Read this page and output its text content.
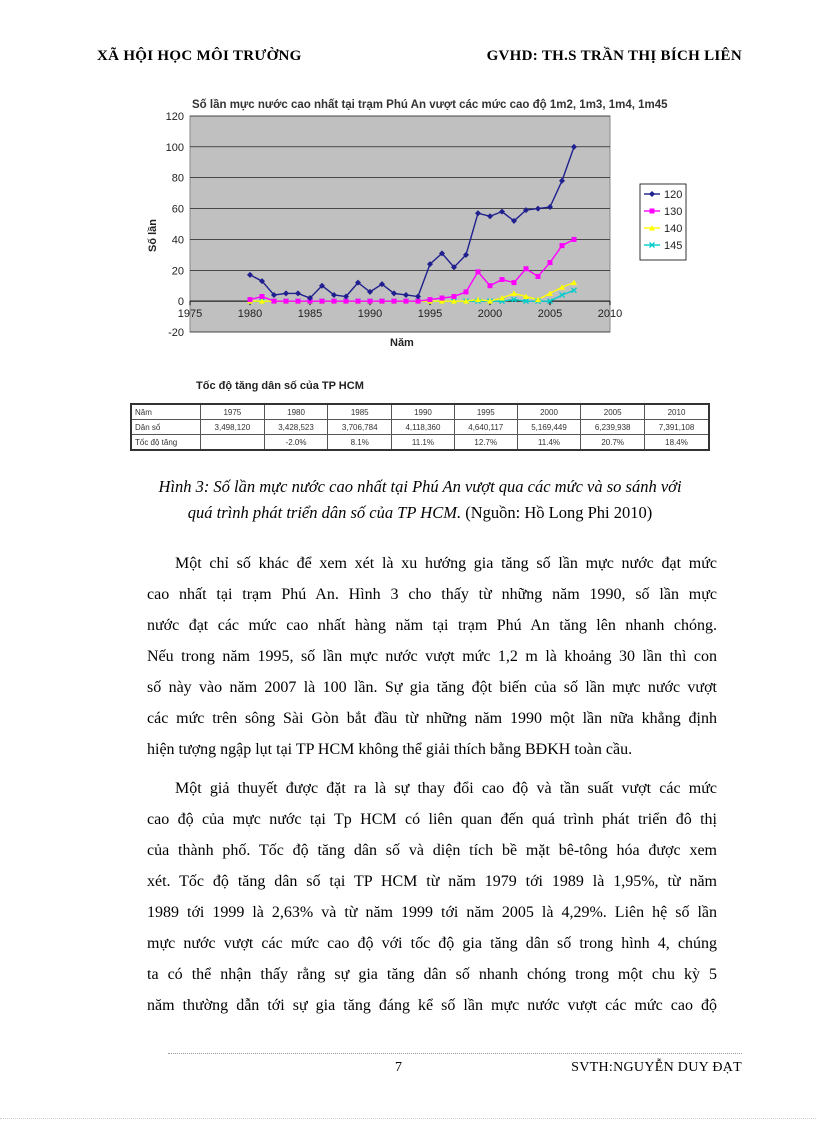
XÃ HỘI HỌC MÔI TRƯỜNG	GVHD: TH.S TRẦN THỊ BÍCH LIÊN
Số lần mực nước cao nhất tại trạm Phú An vượt các mức cao độ 1m2, 1m3, 1m4, 1m45
-20
0
20
40
60
80
100
120
1975	1980	1985	1990	1995	2000	2005	2010
Số lần
Năm
120
130
140
145
Tốc độ tăng dân số của TP HCM
Năm	1975	1980	1985	1990	1995	2000	2005	2010
Dân số	3,498,120	3,428,523	3,706,784	4,118,360	4,640,117	5,169,449	6,239,938	7,391,108
Tốc độ tăng		-2.0%	8.1%	11.1%	12.7%	11.4%	20.7%	18.4%
Hình 3: Số lần mực nước cao nhất tại Phú An vượt qua các mức và so sánh với
quá trình phát triển dân số của TP HCM. (Nguồn: Hồ Long Phi 2010)
Một chỉ số khác để xem xét là xu hướng gia tăng số lần mực nước đạt mức
cao nhất tại trạm Phú An. Hình 3 cho thấy từ những năm 1990, số lần mực
nước đạt các mức cao nhất hàng năm tại trạm Phú An tăng lên nhanh chóng.
Nếu trong năm 1995, số lần mực nước vượt mức 1,2 m là khoảng 30 lần thì con
số này vào năm 2007 là 100 lần. Sự gia tăng đột biến của số lần mực nước vượt
các mức trên sông Sài Gòn bắt đầu từ những năm 1990 một lần nữa khẳng định
hiện tượng ngập lụt tại TP HCM không thể giải thích bằng BĐKH toàn cầu.
Một giả thuyết được đặt ra là sự thay đổi cao độ và tần suất vượt các mức
cao độ của mực nước tại Tp HCM có liên quan đến quá trình phát triển đô thị
của thành phố. Tốc độ tăng dân số và diện tích bề mặt bê-tông hóa được xem
xét. Tốc độ tăng dân số tại TP HCM từ năm 1979 tới 1989 là 1,95%, từ năm
1989 tới 1999 là 2,63% và từ năm 1999 tới năm 2005 là 4,29%. Liên hệ số lần
mực nước vượt các mức cao độ với tốc độ gia tăng dân số trong hình 4, chúng
ta có thể nhận thấy rằng sự gia tăng dân số nhanh chóng trong một chu kỳ 5
năm thường dẫn tới sự gia tăng đáng kể số lần mực nước vượt các mức cao độ
7	SVTH:NGUYỄN DUY ĐẠT
